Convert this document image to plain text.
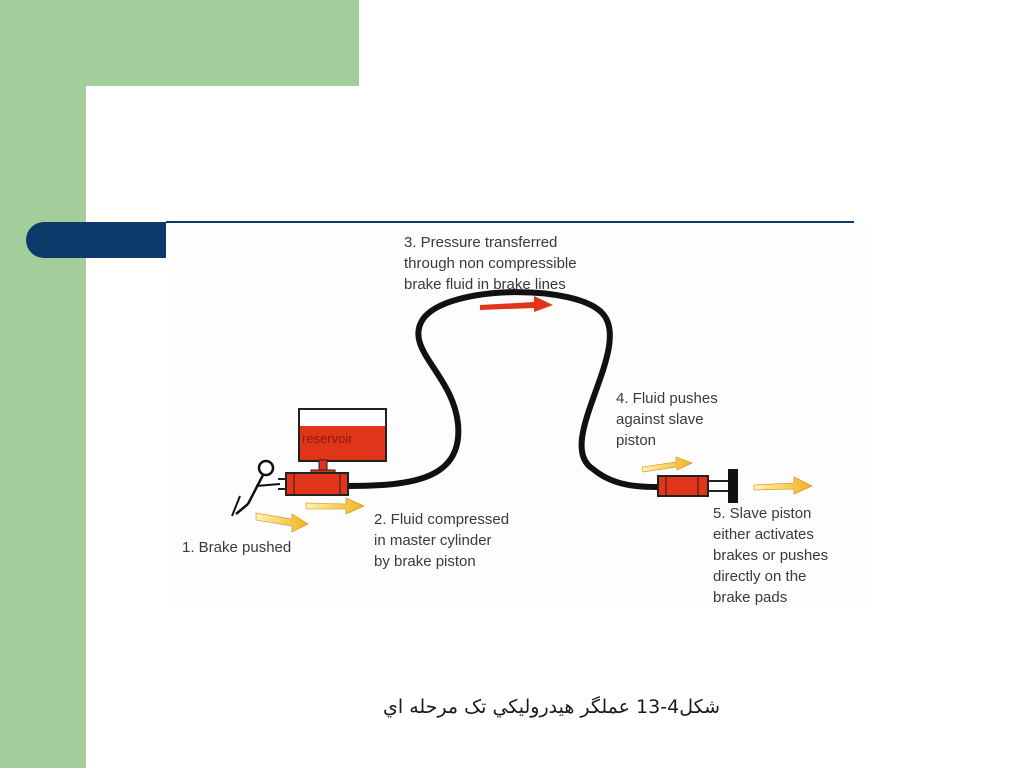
reservoir
1. Brake pushed
2. Fluid compressed
in master cylinder
by brake piston
3. Pressure transferred
through non compressible
brake fluid in brake lines
4. Fluid pushes
against slave
piston
5. Slave piston
either activates
brakes or pushes
directly on the
brake pads
شکل4-13 عملگر هيدروليکي تک مرحله اي
